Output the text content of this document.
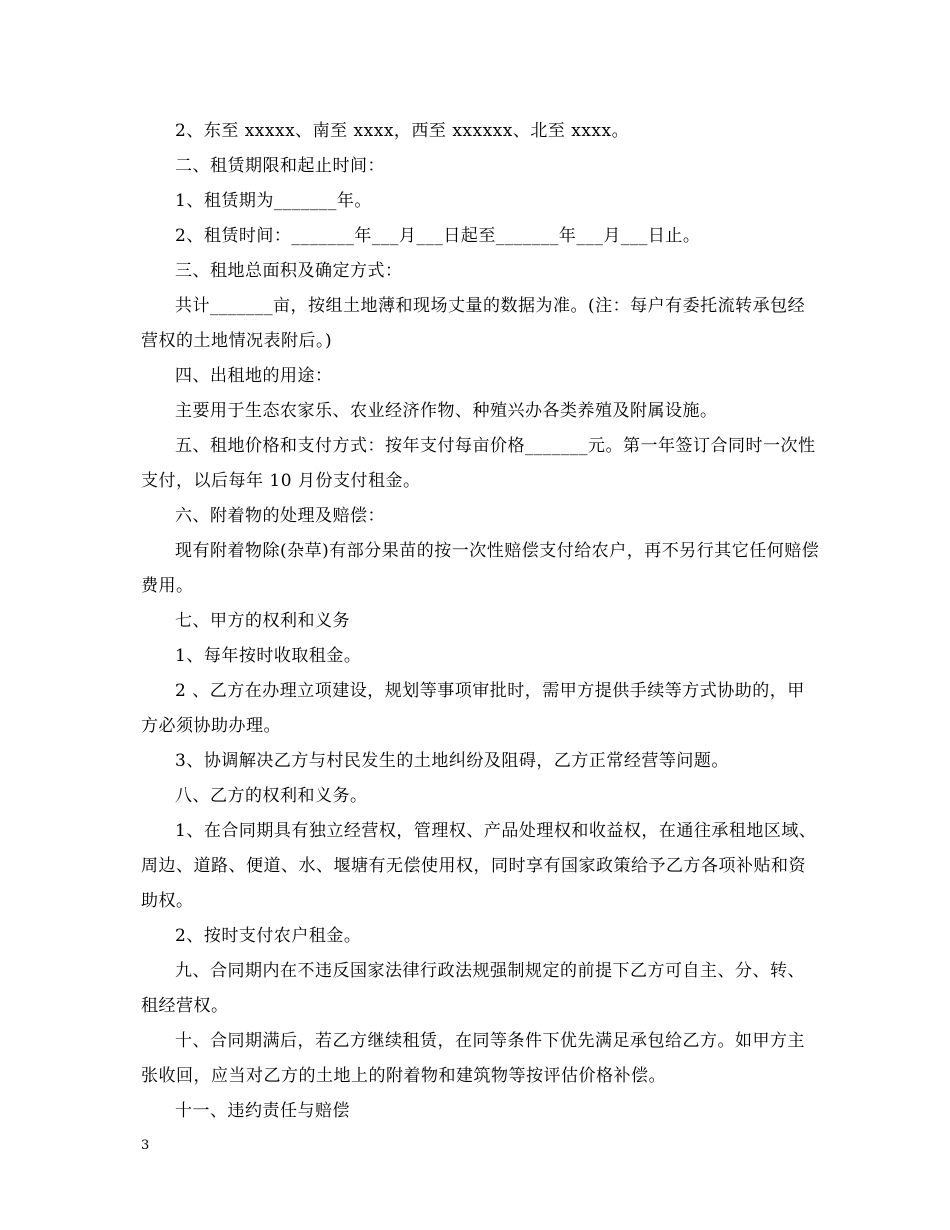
2、东至 xxxxx、南至 xxxx，西至 xxxxxx、北至 xxxx。

二、租赁期限和起止时间：

1、租赁期为_______年。

2、租赁时间：_______年___月___日起至_______年___月___日止。

三、租地总面积及确定方式：

共计_______亩，按组土地薄和现场丈量的数据为准。(注：每户有委托流转承包经营权的土地情况表附后。)

四、出租地的用途：

主要用于生态农家乐、农业经济作物、种殖兴办各类养殖及附属设施。

五、租地价格和支付方式：按年支付每亩价格_______元。第一年签订合同时一次性支付，以后每年 10 月份支付租金。

六、附着物的处理及赔偿：

现有附着物除(杂草)有部分果苗的按一次性赔偿支付给农户，再不另行其它任何赔偿费用。

七、甲方的权利和义务

1、每年按时收取租金。

2 、乙方在办理立项建设，规划等事项审批时，需甲方提供手续等方式协助的，甲方必须协助办理。

3、协调解决乙方与村民发生的土地纠纷及阻碍，乙方正常经营等问题。

八、乙方的权利和义务。

1、在合同期具有独立经营权，管理权、产品处理权和收益权，在通往承租地区域、周边、道路、便道、水、堰塘有无偿使用权，同时享有国家政策给予乙方各项补贴和资助权。

2、按时支付农户租金。

九、合同期内在不违反国家法律行政法规强制规定的前提下乙方可自主、分、转、租经营权。

十、合同期满后，若乙方继续租赁，在同等条件下优先满足承包给乙方。如甲方主张收回，应当对乙方的土地上的附着物和建筑物等按评估价格补偿。

十一、违约责任与赔偿

3
